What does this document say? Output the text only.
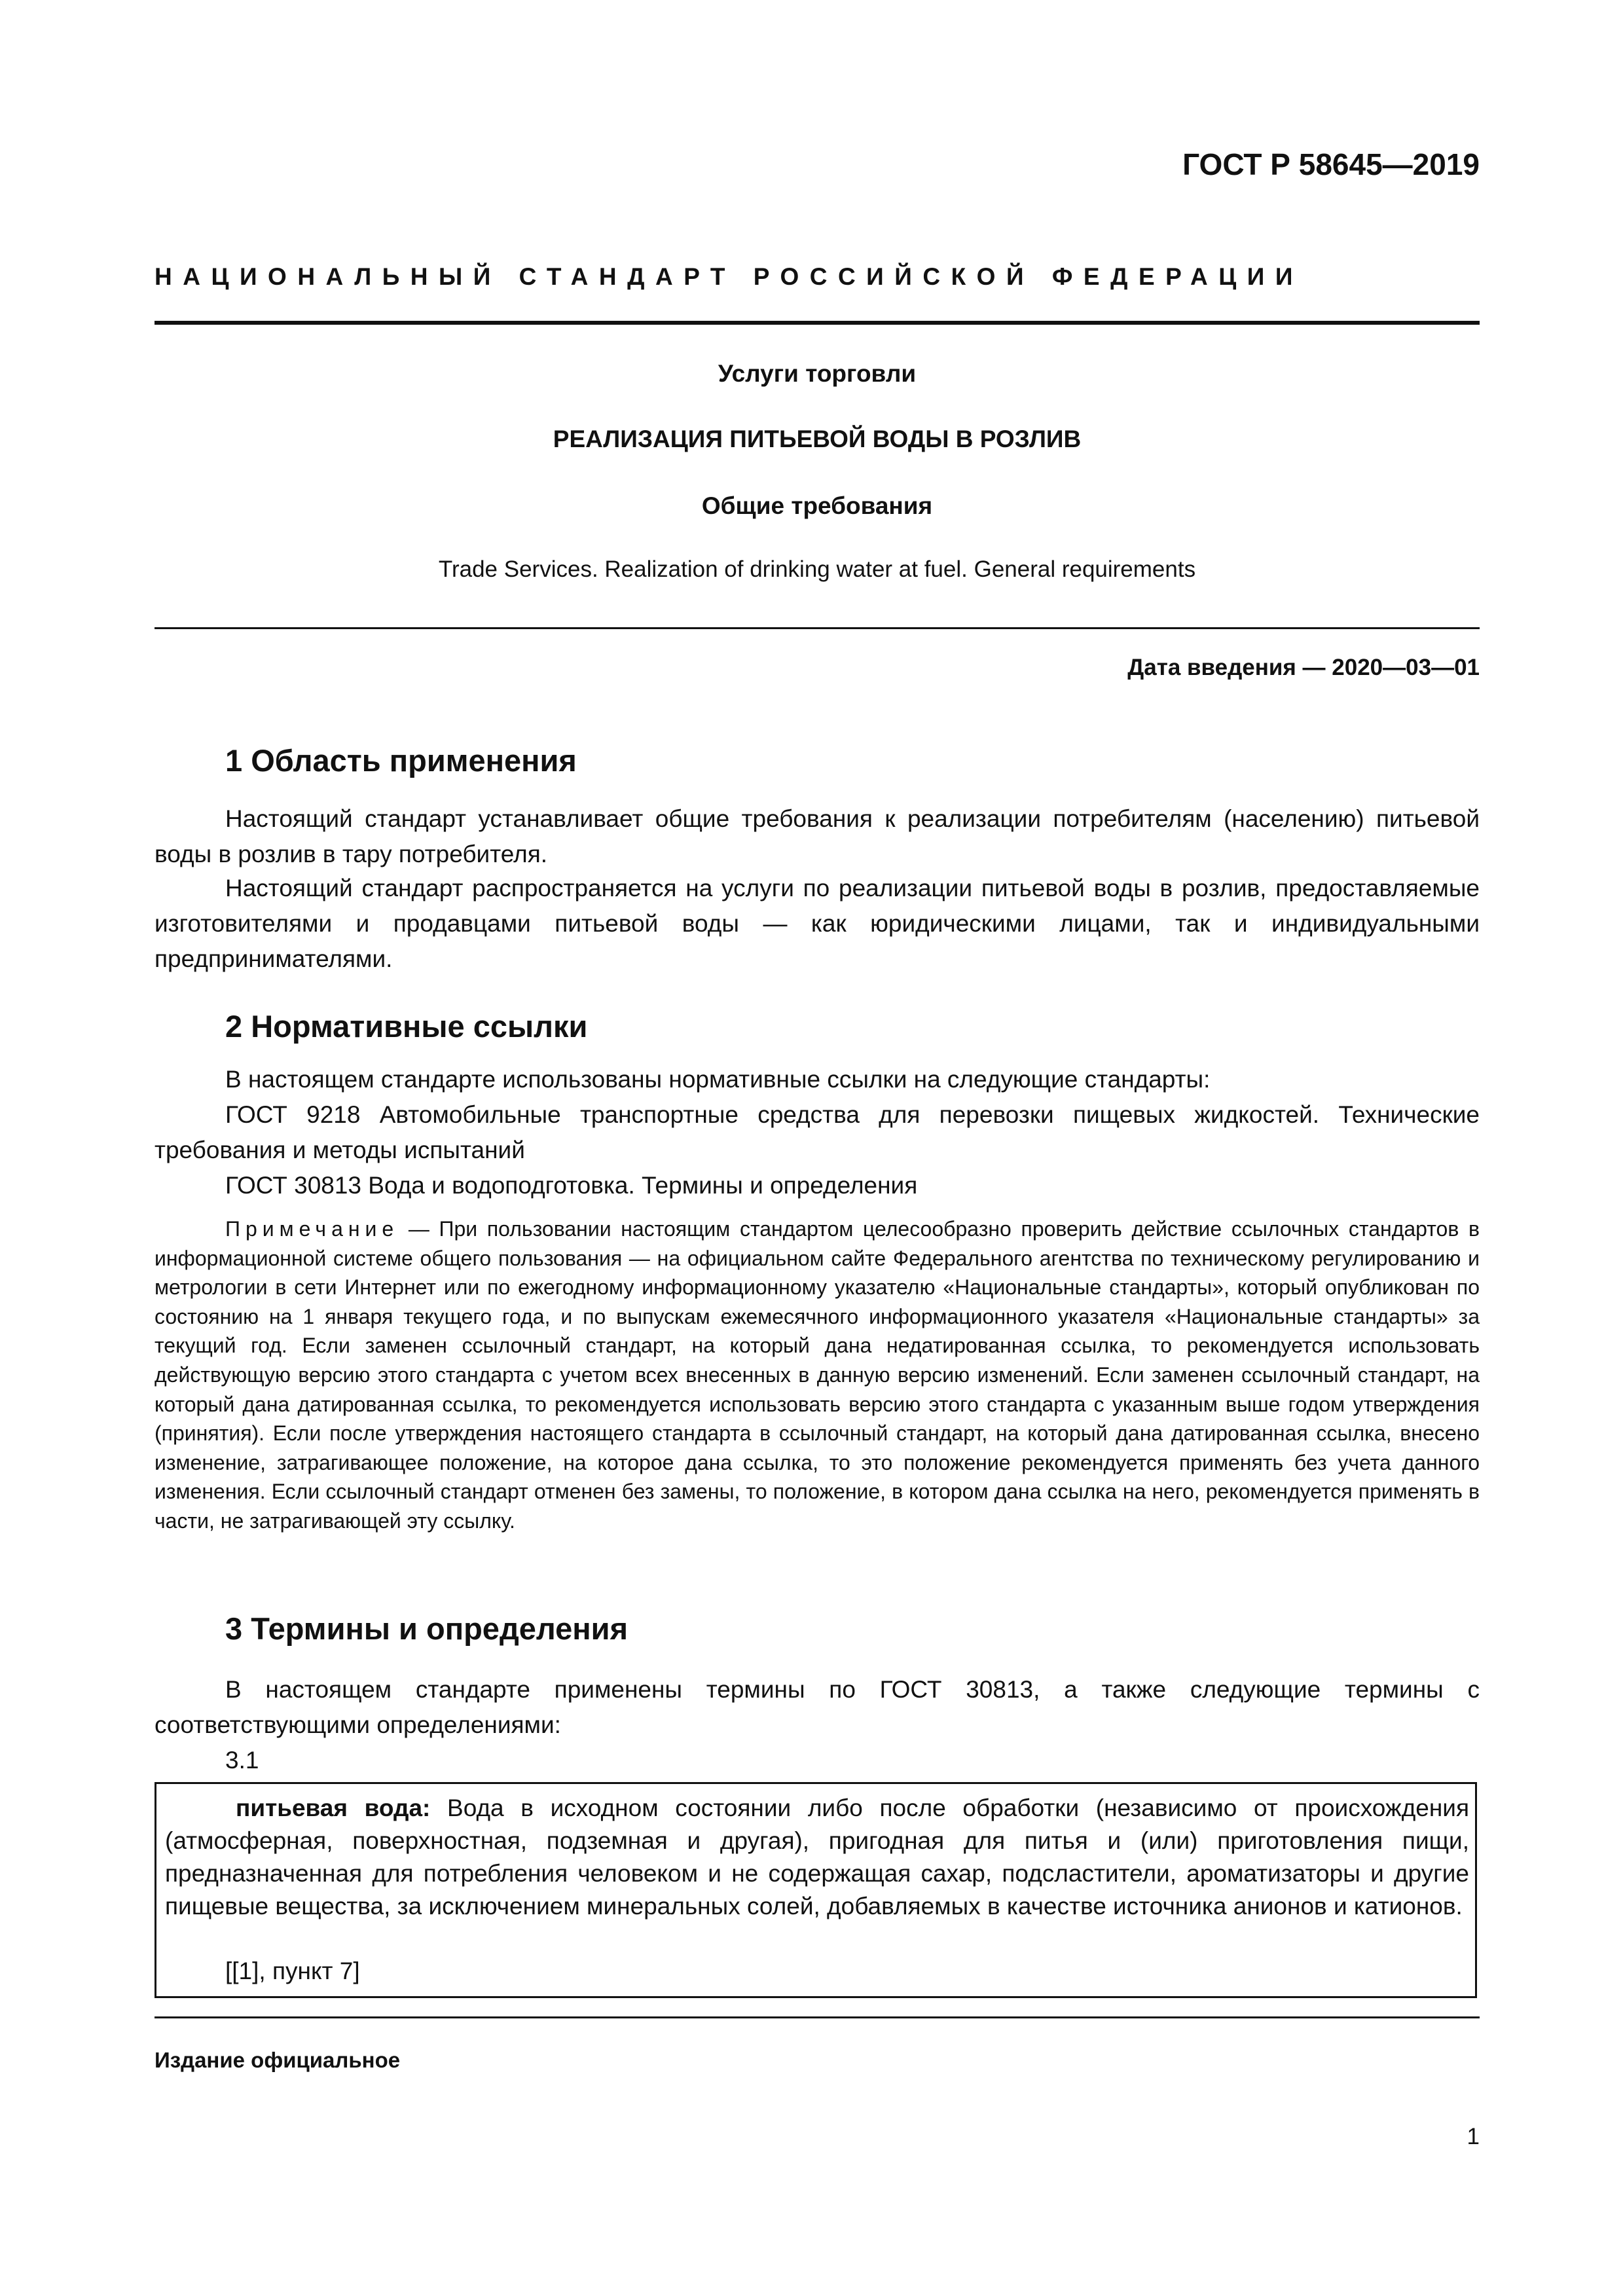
ГОСТ Р 58645—2019
НАЦИОНАЛЬНЫЙ СТАНДАРТ РОССИЙСКОЙ ФЕДЕРАЦИИ
Услуги торговли
РЕАЛИЗАЦИЯ ПИТЬЕВОЙ ВОДЫ В РОЗЛИВ
Общие требования
Trade Services. Realization of drinking water at fuel. General requirements
Дата введения — 2020—03—01
1 Область применения
Настоящий стандарт устанавливает общие требования к реализации потребителям (населению) питьевой воды в розлив в тару потребителя.
Настоящий стандарт распространяется на услуги по реализации питьевой воды в розлив, предоставляемые изготовителями и продавцами питьевой воды — как юридическими лицами, так и индивидуальными предпринимателями.
2 Нормативные ссылки
В настоящем стандарте использованы нормативные ссылки на следующие стандарты:
ГОСТ 9218 Автомобильные транспортные средства для перевозки пищевых жидкостей. Технические требования и методы испытаний
ГОСТ 30813 Вода и водоподготовка. Термины и определения
Примечание — При пользовании настоящим стандартом целесообразно проверить действие ссылочных стандартов в информационной системе общего пользования — на официальном сайте Федерального агентства по техническому регулированию и метрологии в сети Интернет или по ежегодному информационному указателю «Национальные стандарты», который опубликован по состоянию на 1 января текущего года, и по выпускам ежемесячного информационного указателя «Национальные стандарты» за текущий год. Если заменен ссылочный стандарт, на который дана недатированная ссылка, то рекомендуется использовать действующую версию этого стандарта с учетом всех внесенных в данную версию изменений. Если заменен ссылочный стандарт, на который дана датированная ссылка, то рекомендуется использовать версию этого стандарта с указанным выше годом утверждения (принятия). Если после утверждения настоящего стандарта в ссылочный стандарт, на который дана датированная ссылка, внесено изменение, затрагивающее положение, на которое дана ссылка, то это положение рекомендуется применять без учета данного изменения. Если ссылочный стандарт отменен без замены, то положение, в котором дана ссылка на него, рекомендуется применять в части, не затрагивающей эту ссылку.
3 Термины и определения
В настоящем стандарте применены термины по ГОСТ 30813, а также следующие термины с соответствующими определениями:
3.1
питьевая вода: Вода в исходном состоянии либо после обработки (независимо от происхождения (атмосферная, поверхностная, подземная и другая), пригодная для питья и (или) приготовления пищи, предназначенная для потребления человеком и не содержащая сахар, подсластители, ароматизаторы и другие пищевые вещества, за исключением минеральных солей, добавляемых в качестве источника анионов и катионов.
[[1], пункт 7]
Издание официальное
1
